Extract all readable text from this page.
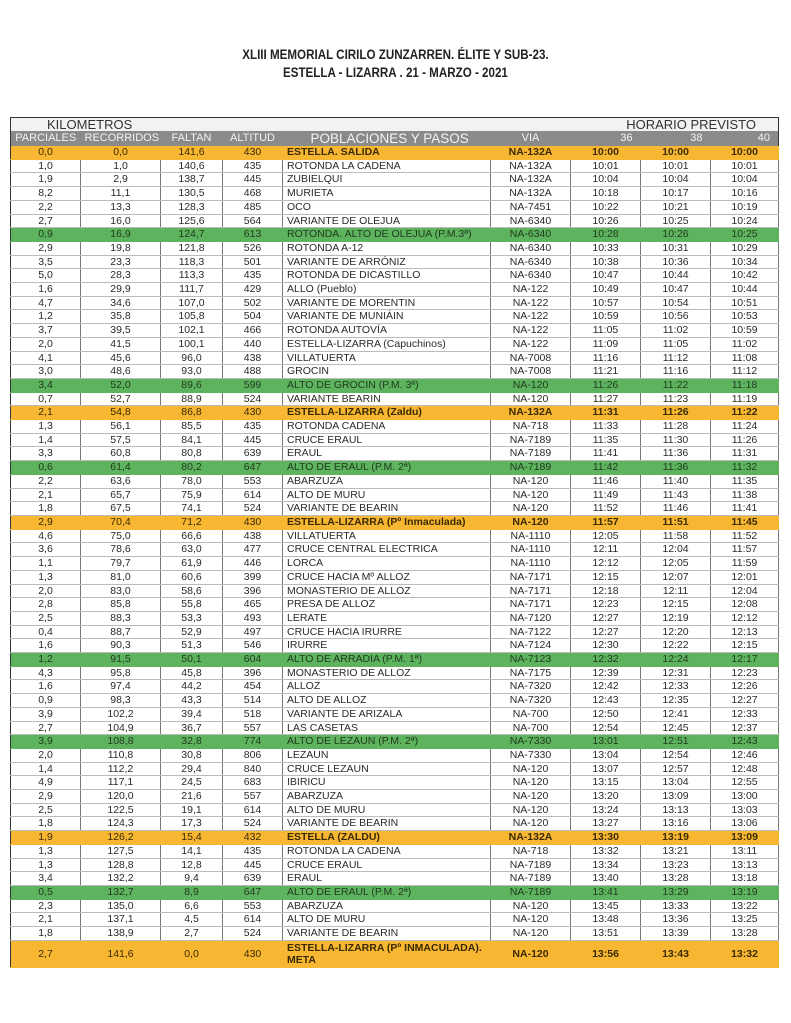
XLIII MEMORIAL CIRILO ZUNZARREN. ÉLITE Y SUB-23.
ESTELLA - LIZARRA . 21 - MARZO - 2021
KILOMETROS						HORARIO PREVISTO		
PARCIALES	RECORRIDOS	FALTAN	ALTITUD	POBLACIONES Y PASOS	VIA	36	38	40
0,0	0,0	141,6	430	ESTELLA. SALIDA	NA-132A	10:00	10:00	10:00
1,0	1,0	140,6	435	ROTONDA LA CADENA	NA-132A	10:01	10:01	10:01
1,9	2,9	138,7	445	ZUBIELQUI	NA-132A	10:04	10:04	10:04
8,2	11,1	130,5	468	MURIETA	NA-132A	10:18	10:17	10:16
2,2	13,3	128,3	485	OCO	NA-7451	10:22	10:21	10:19
2,7	16,0	125,6	564	VARIANTE DE OLEJUA	NA-6340	10:26	10:25	10:24
0,9	16,9	124,7	613	ROTONDA. ALTO DE OLEJUA (P.M.3ª)	NA-6340	10:28	10:26	10:25
2,9	19,8	121,8	526	ROTONDA A-12	NA-6340	10:33	10:31	10:29
3,5	23,3	118,3	501	VARIANTE DE ARRÓNIZ	NA-6340	10:38	10:36	10:34
5,0	28,3	113,3	435	ROTONDA DE DICASTILLO	NA-6340	10:47	10:44	10:42
1,6	29,9	111,7	429	ALLO (Pueblo)	NA-122	10:49	10:47	10:44
4,7	34,6	107,0	502	VARIANTE DE MORENTIN	NA-122	10:57	10:54	10:51
1,2	35,8	105,8	504	VARIANTE DE MUNIÁIN	NA-122	10:59	10:56	10:53
3,7	39,5	102,1	466	ROTONDA AUTOVÍA	NA-122	11:05	11:02	10:59
2,0	41,5	100,1	440	ESTELLA-LIZARRA (Capuchinos)	NA-122	11:09	11:05	11:02
4,1	45,6	96,0	438	VILLATUERTA	NA-7008	11:16	11:12	11:08
3,0	48,6	93,0	488	GROCIN	NA-7008	11:21	11:16	11:12
3,4	52,0	89,6	599	ALTO DE GROCIN (P.M. 3ª)	NA-120	11:26	11:22	11:18
0,7	52,7	88,9	524	VARIANTE BEARIN	NA-120	11:27	11:23	11:19
2,1	54,8	86,8	430	ESTELLA-LIZARRA (Zaldu)	NA-132A	11:31	11:26	11:22
1,3	56,1	85,5	435	ROTONDA CADENA	NA-718	11:33	11:28	11:24
1,4	57,5	84,1	445	CRUCE ERAUL	NA-7189	11:35	11:30	11:26
3,3	60,8	80,8	639	ERAUL	NA-7189	11:41	11:36	11:31
0,6	61,4	80,2	647	ALTO DE ERAUL (P.M. 2ª)	NA-7189	11:42	11:36	11:32
2,2	63,6	78,0	553	ABARZUZA	NA-120	11:46	11:40	11:35
2,1	65,7	75,9	614	ALTO DE MURU	NA-120	11:49	11:43	11:38
1,8	67,5	74,1	524	VARIANTE DE BEARIN	NA-120	11:52	11:46	11:41
2,9	70,4	71,2	430	ESTELLA-LIZARRA (Pº Inmaculada)	NA-120	11:57	11:51	11:45
4,6	75,0	66,6	438	VILLATUERTA	NA-1110	12:05	11:58	11:52
3,6	78,6	63,0	477	CRUCE CENTRAL ELECTRICA	NA-1110	12:11	12:04	11:57
1,1	79,7	61,9	446	LORCA	NA-1110	12:12	12:05	11:59
1,3	81,0	60,6	399	CRUCE HACIA Mº ALLOZ	NA-7171	12:15	12:07	12:01
2,0	83,0	58,6	396	MONASTERIO DE ALLOZ	NA-7171	12:18	12:11	12:04
2,8	85,8	55,8	465	PRESA DE ALLOZ	NA-7171	12:23	12:15	12:08
2,5	88,3	53,3	493	LERATE	NA-7120	12:27	12:19	12:12
0,4	88,7	52,9	497	CRUCE HACIA IRURRE	NA-7122	12:27	12:20	12:13
1,6	90,3	51,3	546	IRURRE	NA-7124	12:30	12:22	12:15
1,2	91,5	50,1	604	ALTO DE ARRADIA (P.M. 1ª)	NA-7123	12:32	12:24	12:17
4,3	95,8	45,8	396	MONASTERIO DE ALLOZ	NA-7175	12:39	12:31	12:23
1,6	97,4	44,2	454	ALLOZ	NA-7320	12:42	12:33	12:26
0,9	98,3	43,3	514	ALTO DE ALLOZ	NA-7320	12:43	12:35	12:27
3,9	102,2	39,4	518	VARIANTE DE ARIZALA	NA-700	12:50	12:41	12:33
2,7	104,9	36,7	557	LAS CASETAS	NA-700	12:54	12:45	12:37
3,9	108,8	32,8	774	ALTO DE LEZAUN (P.M. 2ª)	NA-7330	13:01	12:51	12:43
2,0	110,8	30,8	806	LEZAUN	NA-7330	13:04	12:54	12:46
1,4	112,2	29,4	840	CRUCE LEZAUN	NA-120	13:07	12:57	12:48
4,9	117,1	24,5	683	IBIRICU	NA-120	13:15	13:04	12:55
2,9	120,0	21,6	557	ABARZUZA	NA-120	13:20	13:09	13:00
2,5	122,5	19,1	614	ALTO DE MURU	NA-120	13:24	13:13	13:03
1,8	124,3	17,3	524	VARIANTE DE BEARIN	NA-120	13:27	13:16	13:06
1,9	126,2	15,4	432	ESTELLA (ZALDU)	NA-132A	13:30	13:19	13:09
1,3	127,5	14,1	435	ROTONDA LA CADENA	NA-718	13:32	13:21	13:11
1,3	128,8	12,8	445	CRUCE ERAUL	NA-7189	13:34	13:23	13:13
3,4	132,2	9,4	639	ERAUL	NA-7189	13:40	13:28	13:18
0,5	132,7	8,9	647	ALTO DE ERAUL (P.M. 2ª)	NA-7189	13:41	13:29	13:19
2,3	135,0	6,6	553	ABARZUZA	NA-120	13:45	13:33	13:22
2,1	137,1	4,5	614	ALTO DE MURU	NA-120	13:48	13:36	13:25
1,8	138,9	2,7	524	VARIANTE DE BEARIN	NA-120	13:51	13:39	13:28
2,7	141,6	0,0	430	ESTELLA-LIZARRA (Pº INMACULADA). META	NA-120	13:56	13:43	13:32
